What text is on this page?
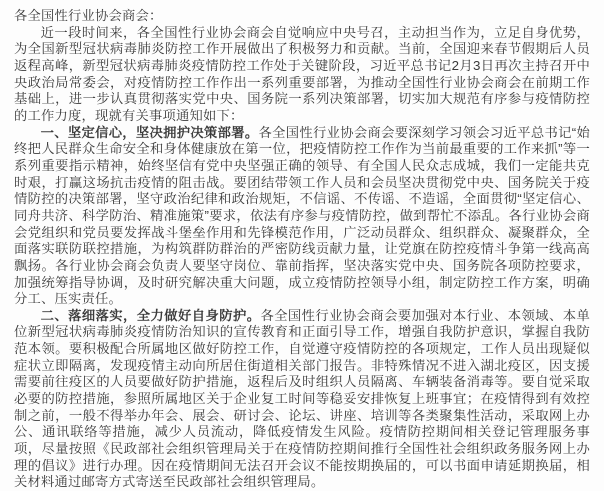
各全国性行业协会商会：

近一段时间来，各全国性行业协会商会自觉响应中央号召，主动担当作为，立足自身优势，为全国新型冠状病毒肺炎防控工作开展做出了积极努力和贡献。当前，全国迎来春节假期后人员返程高峰，新型冠状病毒肺炎疫情防控工作处于关键阶段，习近平总书记2月3日再次主持召开中央政治局常委会，对疫情防控工作作出一系列重要部署，为推动全国性行业协会商会在前期工作基础上，进一步认真贯彻落实党中央、国务院一系列决策部署，切实加大规范有序参与疫情防控的工作力度，现就有关事项通知如下：

一、坚定信心，坚决拥护决策部署。各全国性行业协会商会要深刻学习领会习近平总书记“始终把人民群众生命安全和身体健康放在第一位，把疫情防控工作作为当前最重要的工作来抓”等一系列重要指示精神，始终坚信有党中央坚强正确的领导、有全国人民众志成城，我们一定能共克时艰，打赢这场抗击疫情的阻击战。要团结带领工作人员和会员坚决贯彻党中央、国务院关于疫情防控的决策部署，坚守政治纪律和政治规矩，不信谣、不传谣、不造谣，全面贯彻“坚定信心、同舟共济、科学防治、精准施策”要求，依法有序参与疫情防控，做到帮忙不添乱。各行业协会商会党组织和党员要发挥战斗堡垒作用和先锋模范作用，广泛动员群众、组织群众、凝聚群众，全面落实联防联控措施，为构筑群防群治的严密防线贡献力量，让党旗在防控疫情斗争第一线高高飘扬。各行业协会商会负责人要坚守岗位、靠前指挥，坚决落实党中央、国务院各项防控要求，加强统筹指导协调，及时研究解决重大问题，成立疫情防控领导小组，制定防控工作方案，明确分工、压实责任。

二、落细落实，全力做好自身防护。各全国性行业协会商会要加强对本行业、本领域、本单位新型冠状病毒肺炎疫情防治知识的宣传教育和正面引导工作，增强自我防护意识，掌握自我防范本领。要积极配合所属地区做好防控工作，自觉遵守疫情防控的各项规定，工作人员出现疑似症状立即隔离，发现疫情主动向所居住街道相关部门报告。非特殊情况不进入湖北疫区，因支援需要前往疫区的人员要做好防护措施，返程后及时组织人员隔离、车辆装备消毒等。要自觉采取必要的防控措施，参照所属地区关于企业复工时间等稳妥安排恢复上班事宜；在疫情得到有效控制之前，一般不得举办年会、展会、研讨会、论坛、讲座、培训等各类聚集性活动，采取网上办公、通讯联络等措施，减少人员流动，降低疫情发生风险。疫情防控期间相关登记管理服务事项，尽量按照《民政部社会组织管理局关于在疫情防控期间推行全国性社会组织政务服务网上办理的倡议》进行办理。因在疫情期间无法召开会议不能按期换届的，可以书面申请延期换届，相关材料通过邮寄方式寄送至民政部社会组织管理局。
